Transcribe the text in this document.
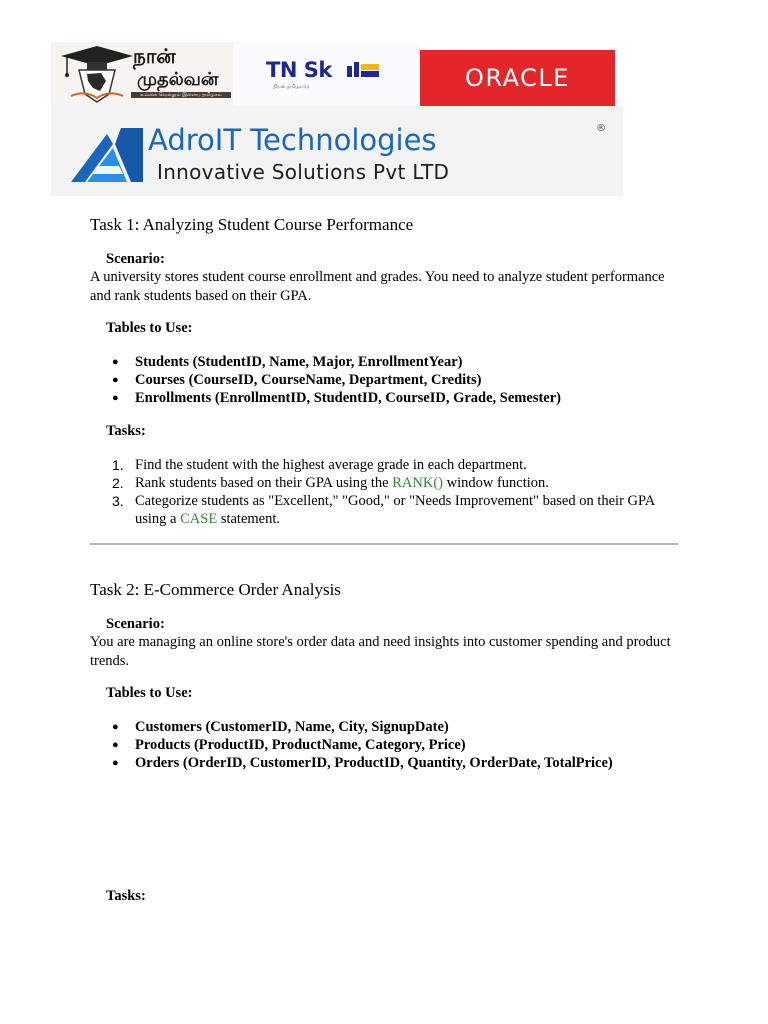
நான்
முதல்வன்
உலகை வெல்லும் இளைய தமிழகம்
TN Sk
திறன் தமிழ்நாடு	ORACLE
AdroIT Technologies
Innovative Solutions Pvt LTD
®
Task 1: Analyzing Student Course Performance
Scenario:
A university stores student course enrollment and grades. You need to analyze student performance and rank students based on their GPA.
Tables to Use:
● Students (StudentID, Name, Major, EnrollmentYear)
● Courses (CourseID, CourseName, Department, Credits)
● Enrollments (EnrollmentID, StudentID, CourseID, Grade, Semester)
Tasks:
1. Find the student with the highest average grade in each department.
2. Rank students based on their GPA using the RANK() window function.
3. Categorize students as "Excellent," "Good," or "Needs Improvement" based on their GPA using a CASE statement.
Task 2: E-Commerce Order Analysis
Scenario:
You are managing an online store's order data and need insights into customer spending and product trends.
Tables to Use:
● Customers (CustomerID, Name, City, SignupDate)
● Products (ProductID, ProductName, Category, Price)
● Orders (OrderID, CustomerID, ProductID, Quantity, OrderDate, TotalPrice)
Tasks:
